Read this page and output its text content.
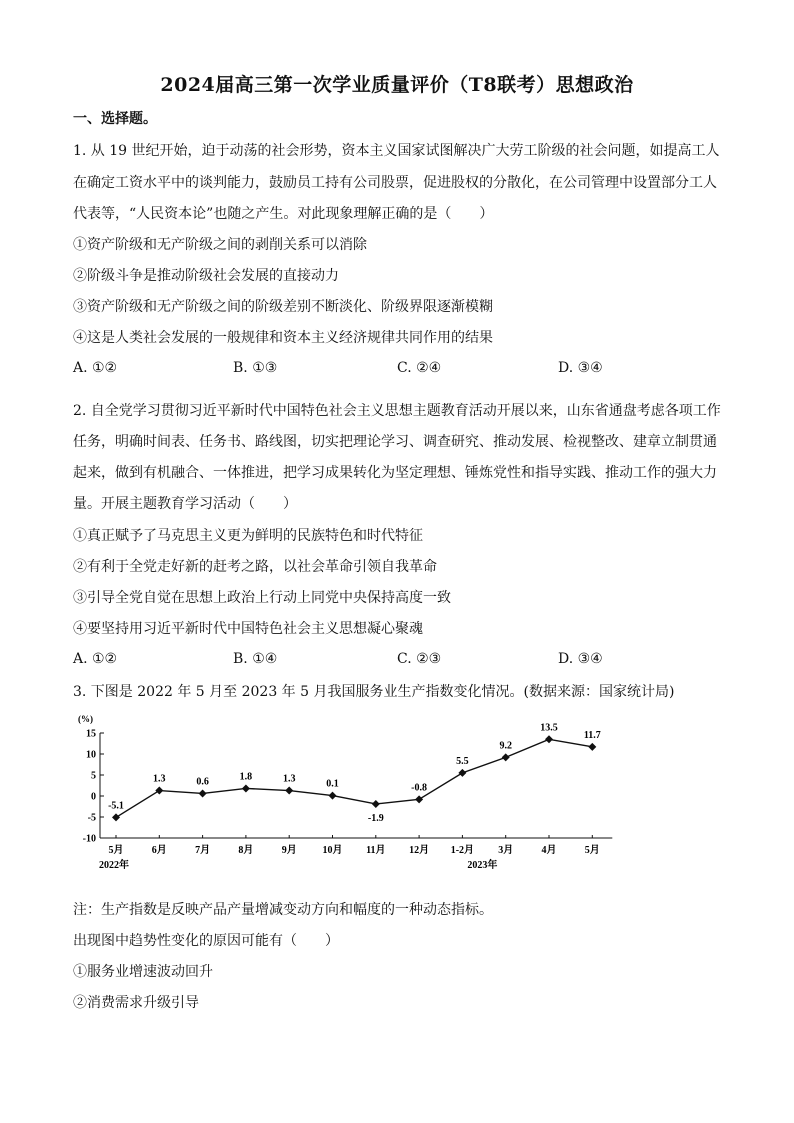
2024届高三第一次学业质量评价（T8联考）思想政治
一、选择题。
1. 从 19 世纪开始，迫于动荡的社会形势，资本主义国家试图解决广大劳工阶级的社会问题，如提高工人
在确定工资水平中的谈判能力，鼓励员工持有公司股票，促进股权的分散化，在公司管理中设置部分工人
代表等，“人民资本论”也随之产生。对此现象理解正确的是（　　）
①资产阶级和无产阶级之间的剥削关系可以消除
②阶级斗争是推动阶级社会发展的直接动力
③资产阶级和无产阶级之间的阶级差别不断淡化、阶级界限逐渐模糊
④这是人类社会发展的一般规律和资本主义经济规律共同作用的结果
A. ①②	B. ①③	C. ②④	D. ③④
2. 自全党学习贯彻习近平新时代中国特色社会主义思想主题教育活动开展以来，山东省通盘考虑各项工作
任务，明确时间表、任务书、路线图，切实把理论学习、调查研究、推动发展、检视整改、建章立制贯通
起来，做到有机融合、一体推进，把学习成果转化为坚定理想、锤炼党性和指导实践、推动工作的强大力
量。开展主题教育学习活动（　　）
①真正赋予了马克思主义更为鲜明的民族特色和时代特征
②有利于全党走好新的赶考之路，以社会革命引领自我革命
③引导全党自觉在思想上政治上行动上同党中央保持高度一致
④要坚持用习近平新时代中国特色社会主义思想凝心聚魂
A. ①②	B. ①④	C. ②③	D. ③④
3. 下图是 2022 年 5 月至 2023 年 5 月我国服务业生产指数变化情况。(数据来源：国家统计局)
(%)
15
10
5
0
-5
-10
5月	6月	7月	8月	9月	10月 11月 12月 1-2月 3月	4月	5月
-5.1
1.3	0.6	1.8	1.3	0.1
-1.9
-0.8
5.5
9.2
13.5
11.7
2022年	2023年
注：生产指数是反映产品产量增减变动方向和幅度的一种动态指标。
出现图中趋势性变化的原因可能有（　　）
①服务业增速波动回升
②消费需求升级引导
